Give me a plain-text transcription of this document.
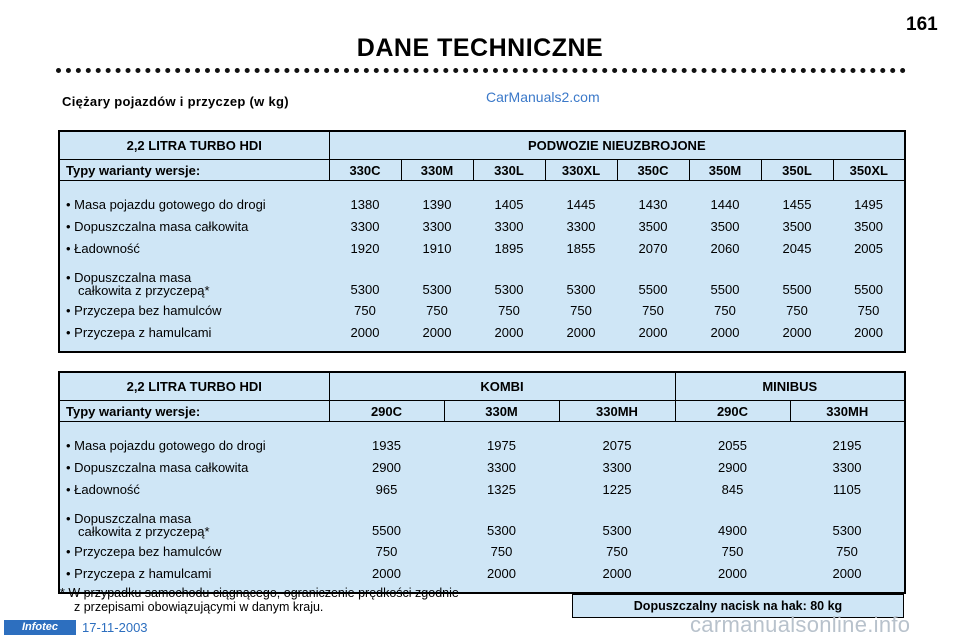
161
DANE TECHNICZNE
Ciężary pojazdów i przyczep (w kg)	CarManuals2.com
2,2 LITRA TURBO HDI	PODWOZIE NIEUZBROJONE							
Typy warianty wersje:	330C	330M	330L	330XL	350C	350M	350L	350XL

• Masa pojazdu gotowego do drogi	1380	1390	1405	1445	1430	1440	1455	1495
• Dopuszczalna masa całkowita	3300	3300	3300	3300	3500	3500	3500	3500
• Ładowność	1920	1910	1895	1855	2070	2060	2045	2005
• Dopuszczalna masa
całkowita z przyczepą*	5300	5300	5300	5300	5500	5500	5500	5500
• Przyczepa bez hamulców	750	750	750	750	750	750	750	750
• Przyczepa z hamulcami	2000	2000	2000	2000	2000	2000	2000	2000

2,2 LITRA TURBO HDI	KOMBI			MINIBUS	
Typy warianty wersje:	290C	330M	330MH	290C	330MH

• Masa pojazdu gotowego do drogi	1935	1975	2075	2055	2195
• Dopuszczalna masa całkowita	2900	3300	3300	2900	3300
• Ładowność	965	1325	1225	845	1105
• Dopuszczalna masa
całkowita z przyczepą*	5500	5300	5300	4900	5300
• Przyczepa bez hamulców	750	750	750	750	750
• Przyczepa z hamulcami	2000	2000	2000	2000	2000

* W przypadku samochodu ciągnącego, ograniczenie prędkości zgodnie
z przepisami obowiązującymi w danym kraju.	Dopuszczalny nacisk na hak: 80 kg
Infotec	17-11-2003	carmanualsonline.info
